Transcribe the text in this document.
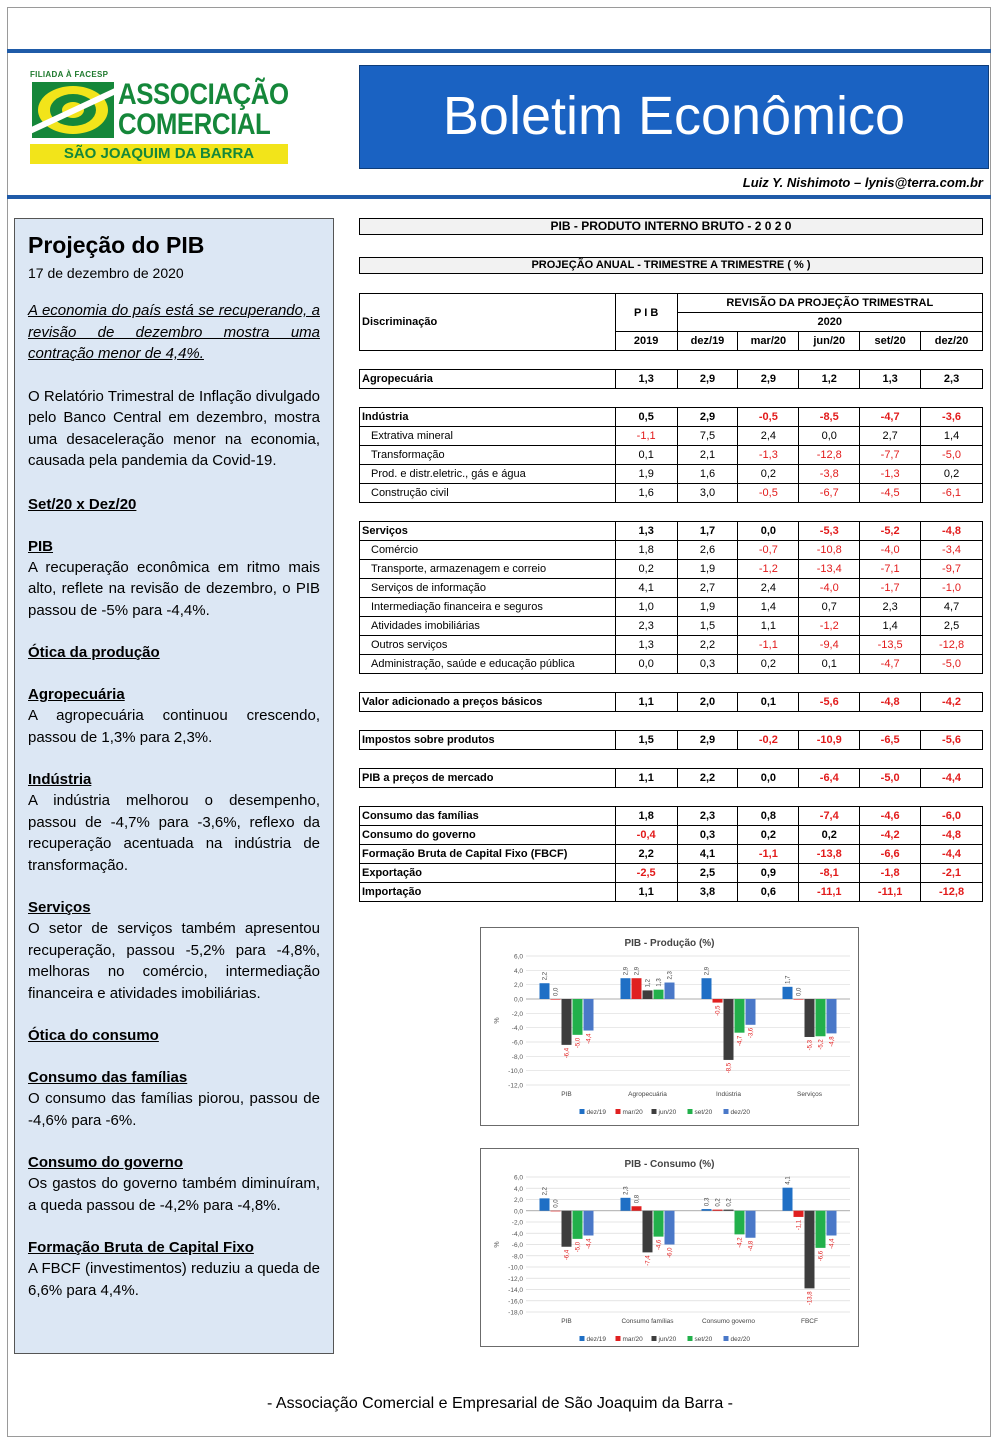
FILIADA À FACESP
ASSOCIAÇÃO
COMERCIAL
SÃO JOAQUIM DA BARRA
Boletim Econômico
Luiz Y. Nishimoto – lynis@terra.com.br
Projeção do PIB
17 de dezembro de 2020

A economia do país está se recuperando, a revisão de dezembro mostra uma contração menor de 4,4%.

O Relatório Trimestral de Inflação divulgado pelo Banco Central em dezembro, mostra uma desaceleração menor na economia, causada pela pandemia da Covid-19.

Set/20 x Dez/20
PIB

A recuperação econômica em ritmo mais alto, reflete na revisão de dezembro, o PIB passou de -5% para -4,4%.

Ótica da produção
Agropecuária

A agropecuária continuou crescendo, passou de 1,3% para 2,3%.

Indústria

A indústria melhorou o desempenho, passou de -4,7% para -3,6%, reflexo da recuperação acentuada na indústria de transformação.

Serviços

O setor de serviços também apresentou recuperação, passou -5,2% para -4,8%, melhoras no comércio, intermediação financeira e atividades imobiliárias.

Ótica do consumo
Consumo das famílias

O consumo das famílias piorou, passou de -4,6% para -6%.

Consumo do governo

Os gastos do governo também diminuíram, a queda passou de -4,2% para -4,8%.

Formação Bruta de Capital Fixo

A FBCF (investimentos) reduziu a queda de 6,6% para 4,4%.

PIB - PRODUTO INTERNO BRUTO - 2 0 2 0
PROJEÇÃO ANUAL - TRIMESTRE A TRIMESTRE ( % )
Discriminação	P I B	REVISÃO DA PROJEÇÃO TRIMESTRAL				
		2020				
	2019	dez/19	mar/20	jun/20	set/20	dez/20

Agropecuária	1,3	2,9	2,9	1,2	1,3	2,3

Indústria	0,5	2,9	-0,5	-8,5	-4,7	-3,6
Extrativa mineral	-1,1	7,5	2,4	0,0	2,7	1,4
Transformação	0,1	2,1	-1,3	-12,8	-7,7	-5,0
Prod. e distr.eletric., gás e água	1,9	1,6	0,2	-3,8	-1,3	0,2
Construção civil	1,6	3,0	-0,5	-6,7	-4,5	-6,1

Serviços	1,3	1,7	0,0	-5,3	-5,2	-4,8
Comércio	1,8	2,6	-0,7	-10,8	-4,0	-3,4
Transporte, armazenagem e correio	0,2	1,9	-1,2	-13,4	-7,1	-9,7
Serviços de informação	4,1	2,7	2,4	-4,0	-1,7	-1,0
Intermediação financeira e seguros	1,0	1,9	1,4	0,7	2,3	4,7
Atividades imobiliárias	2,3	1,5	1,1	-1,2	1,4	2,5
Outros serviços	1,3	2,2	-1,1	-9,4	-13,5	-12,8
Administração, saúde e educação pública	0,0	0,3	0,2	0,1	-4,7	-5,0

Valor adicionado a preços básicos	1,1	2,0	0,1	-5,6	-4,8	-4,2

Impostos sobre produtos	1,5	2,9	-0,2	-10,9	-6,5	-5,6

PIB a preços de mercado	1,1	2,2	0,0	-6,4	-5,0	-4,4

Consumo das famílias	1,8	2,3	0,8	-7,4	-4,6	-6,0
Consumo do governo	-0,4	0,3	0,2	0,2	-4,2	-4,8
Formação Bruta de Capital Fixo (FBCF)	2,2	4,1	-1,1	-13,8	-6,6	-4,4
Exportação	-2,5	2,5	0,9	-8,1	-1,8	-2,1
Importação	1,1	3,8	0,6	-11,1	-11,1	-12,8
PIB - Produção (%)
%
6,0
4,0
2,0
0,0
-2,0
-4,0
-6,0
-8,0
-10,0
-12,0
2,2
0,0
-6,4
-5,0 -4,4
PIB
2,9 2,9
1,2 1,3
2,3
Agropecuária
2,9
-0,5
-8,5
-4,7
-3,6
Indústria
1,7
0,0
-5,3 -5,2 -4,8
Serviços
dez/19	mar/20 jun/20	set/20	dez/20
PIB - Consumo (%)
%
6,0
4,0
2,0
0,0
-2,0
-4,0
-6,0
-8,0
-10,0
-12,0
-14,0
-16,0
-18,0
2,2
0,0
-6,4
-5,0 -4,4
PIB
2,3
0,8
-7,4
-4,6
-6,0
Consumo famílias
0,3 0,2 0,2
-4,2 -4,8
Consumo governo
4,1
-1,1
-13,8
-6,6
-4,4
FBCF
dez/19	mar/20 jun/20	set/20	dez/20
- Associação Comercial e Empresarial de São Joaquim da Barra -
